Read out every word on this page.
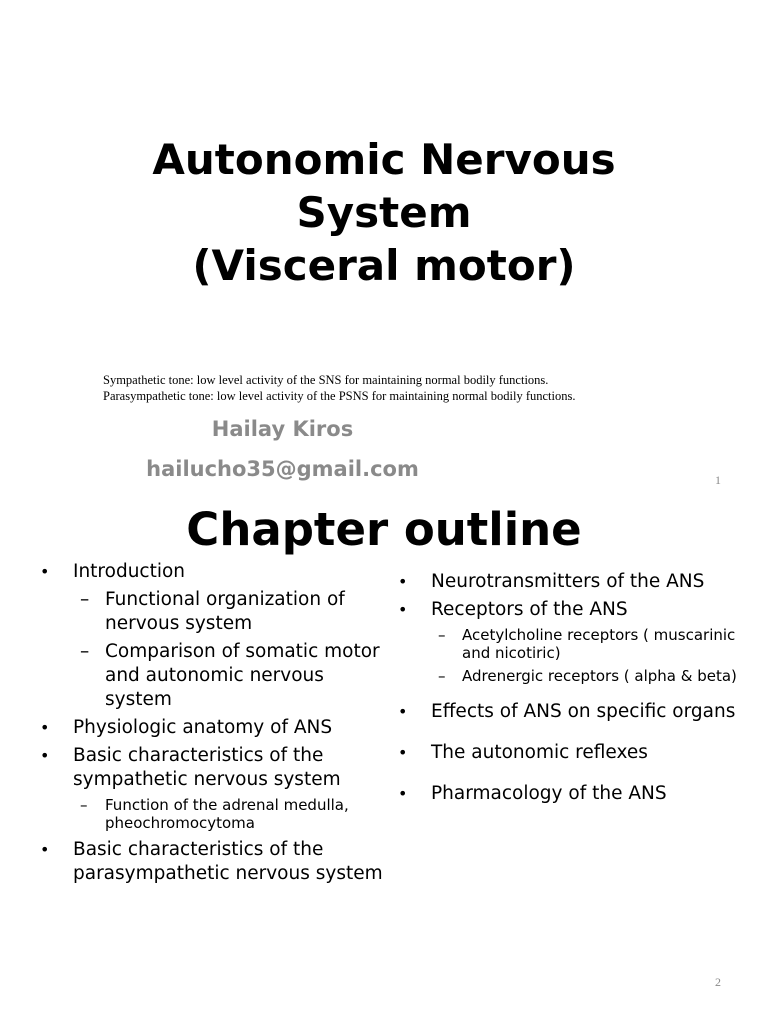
Autonomic Nervous
System
(Visceral motor)
Sympathetic tone: low level activity of the SNS for maintaining normal bodily functions.
Parasympathetic tone: low level activity of the PSNS for maintaining normal bodily functions.
Hailay Kiros
hailucho35@gmail.com	1
Chapter outline
•	Introduction
– Functional organization of nervous system
– Comparison of somatic motor and autonomic nervous system
•	Physiologic anatomy of ANS
•	Basic characteristics of the sympathetic nervous system
–	Function of the adrenal medulla, pheochromocytoma
•	Basic characteristics of the parasympathetic nervous system
•	Neurotransmitters of the ANS
•	Receptors of the ANS
–	Acetylcholine receptors ( muscarinic and nicotiric)
–	Adrenergic receptors ( alpha & beta)
•	Effects of ANS on specific organs
•	The autonomic reflexes
•	Pharmacology of the ANS
2
